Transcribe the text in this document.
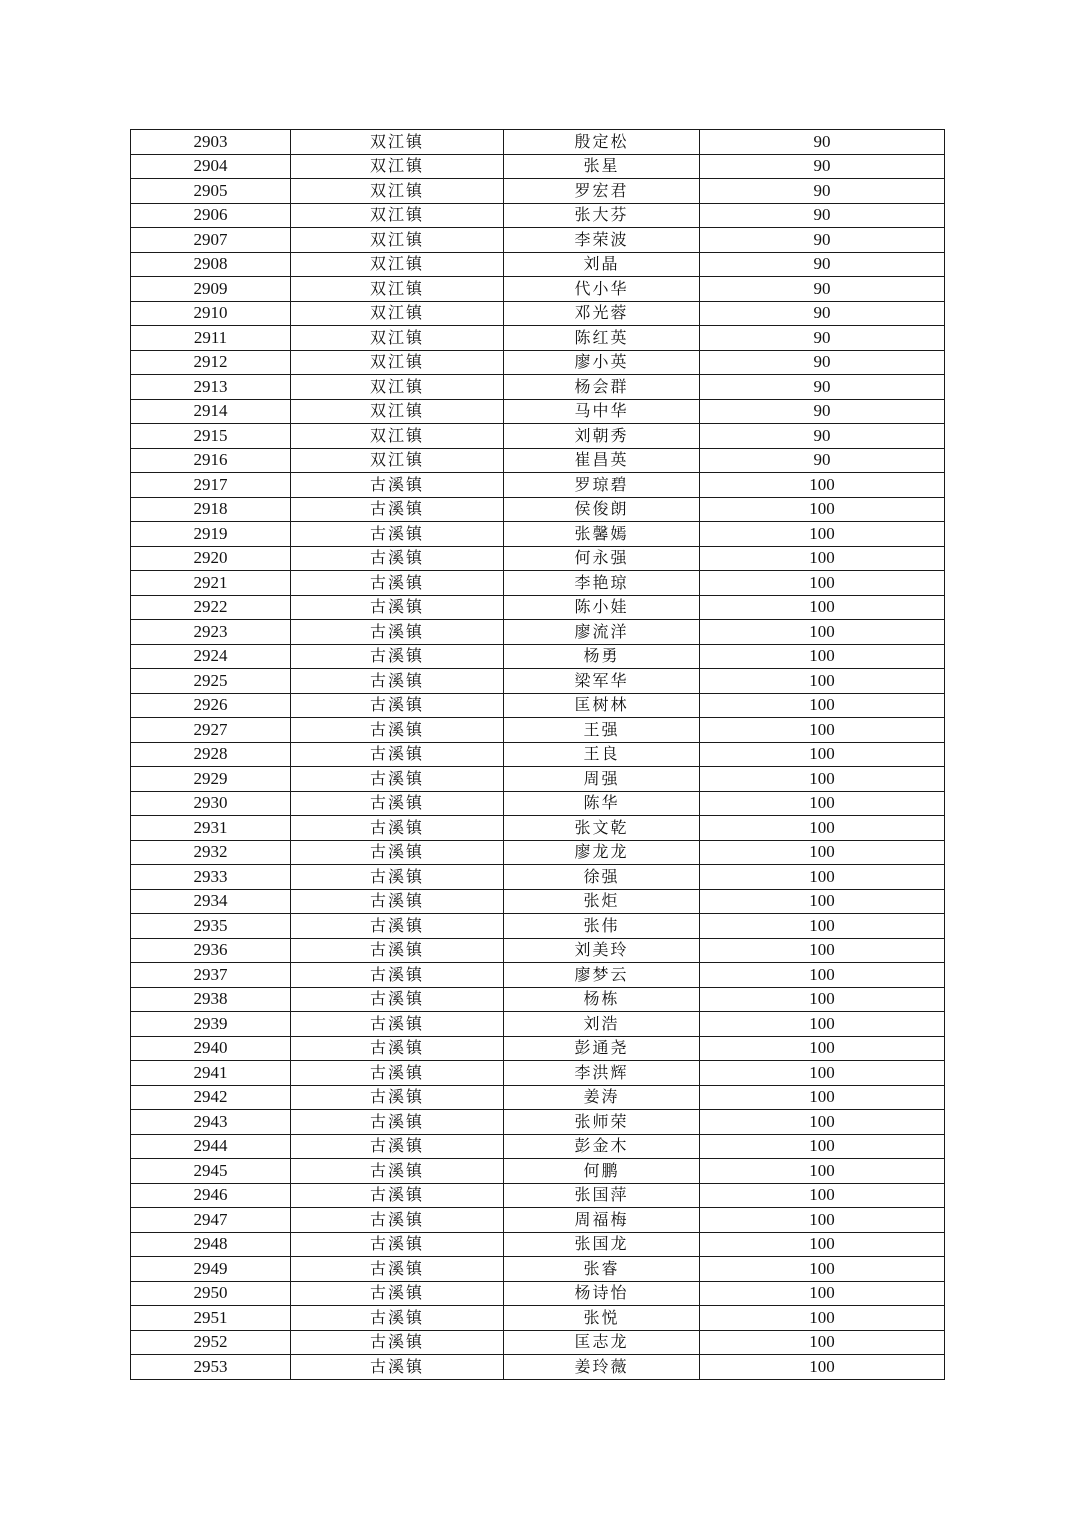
2903	双江镇	殷定松	90
2904	双江镇	张星	90
2905	双江镇	罗宏君	90
2906	双江镇	张大芬	90
2907	双江镇	李荣波	90
2908	双江镇	刘晶	90
2909	双江镇	代小华	90
2910	双江镇	邓光蓉	90
2911	双江镇	陈红英	90
2912	双江镇	廖小英	90
2913	双江镇	杨会群	90
2914	双江镇	马中华	90
2915	双江镇	刘朝秀	90
2916	双江镇	崔昌英	90
2917	古溪镇	罗琼碧	100
2918	古溪镇	侯俊朗	100
2919	古溪镇	张馨嫣	100
2920	古溪镇	何永强	100
2921	古溪镇	李艳琼	100
2922	古溪镇	陈小娃	100
2923	古溪镇	廖流洋	100
2924	古溪镇	杨勇	100
2925	古溪镇	梁军华	100
2926	古溪镇	匡树林	100
2927	古溪镇	王强	100
2928	古溪镇	王良	100
2929	古溪镇	周强	100
2930	古溪镇	陈华	100
2931	古溪镇	张文乾	100
2932	古溪镇	廖龙龙	100
2933	古溪镇	徐强	100
2934	古溪镇	张炬	100
2935	古溪镇	张伟	100
2936	古溪镇	刘美玲	100
2937	古溪镇	廖梦云	100
2938	古溪镇	杨栋	100
2939	古溪镇	刘浩	100
2940	古溪镇	彭通尧	100
2941	古溪镇	李洪辉	100
2942	古溪镇	姜涛	100
2943	古溪镇	张师荣	100
2944	古溪镇	彭金木	100
2945	古溪镇	何鹏	100
2946	古溪镇	张国萍	100
2947	古溪镇	周福梅	100
2948	古溪镇	张国龙	100
2949	古溪镇	张睿	100
2950	古溪镇	杨诗怡	100
2951	古溪镇	张悦	100
2952	古溪镇	匡志龙	100
2953	古溪镇	姜玲薇	100
